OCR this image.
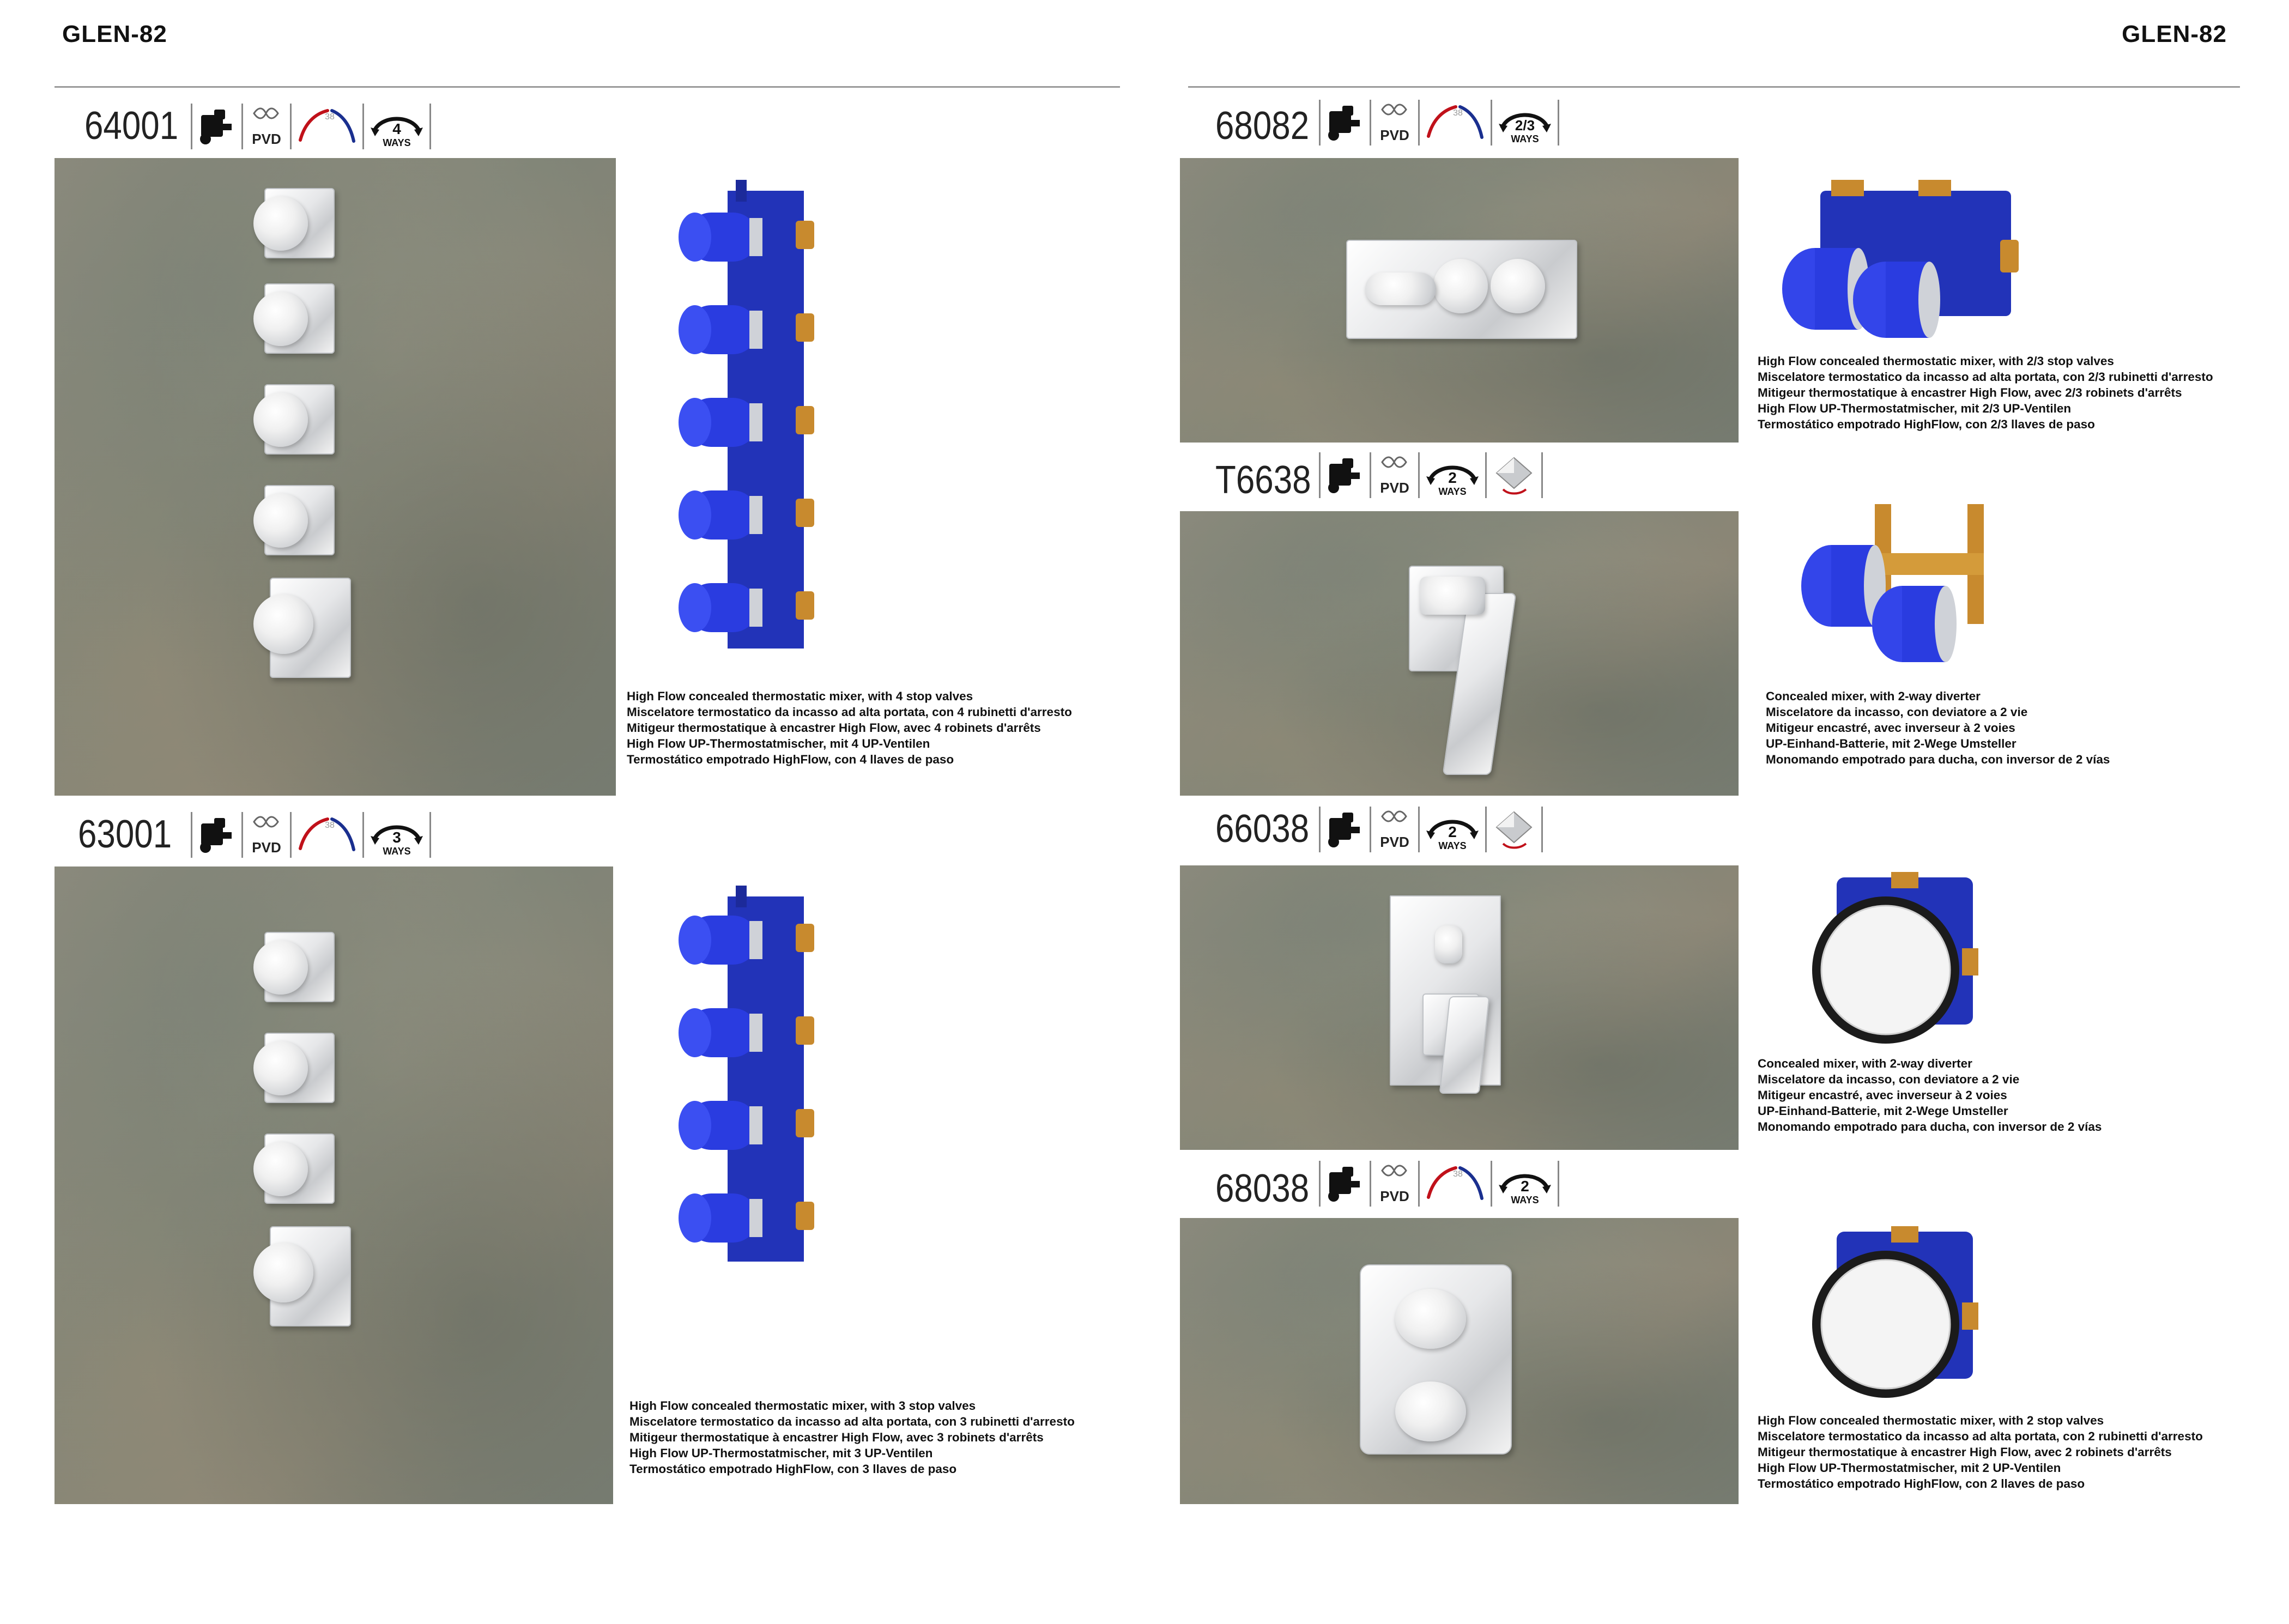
GLEN-82	GLEN-82
64001	PVD
38
4
WAYS
High Flow concealed thermostatic mixer, with 4 stop valves
Miscelatore termostatico da incasso ad alta portata, con 4 rubinetti d'arresto
Mitigeur thermostatique à encastrer High Flow, avec 4 robinets d'arrêts
High Flow UP-Thermostatmischer, mit 4 UP-Ventilen
Termostático empotrado HighFlow, con 4 llaves de paso
63001	PVD
38
3
WAYS
High Flow concealed thermostatic mixer, with 3 stop valves
Miscelatore termostatico da incasso ad alta portata, con 3 rubinetti d'arresto
Mitigeur thermostatique à encastrer High Flow, avec 3 robinets d'arrêts
High Flow UP-Thermostatmischer, mit 3 UP-Ventilen
Termostático empotrado HighFlow, con 3 llaves de paso
68082	PVD
38
2/3
WAYS
High Flow concealed thermostatic mixer, with 2/3 stop valves
Miscelatore termostatico da incasso ad alta portata, con 2/3 rubinetti d'arresto
Mitigeur thermostatique à encastrer High Flow, avec 2/3 robinets d'arrêts
High Flow UP-Thermostatmischer, mit 2/3 UP-Ventilen
Termostático empotrado HighFlow, con 2/3 llaves de paso
T6638	PVD
2
WAYS
Concealed mixer, with 2-way diverter
Miscelatore da incasso, con deviatore a 2 vie
Mitigeur encastré, avec inverseur à 2 voies
UP-Einhand-Batterie, mit 2-Wege Umsteller
Monomando empotrado para ducha, con inversor de 2 vías
66038	PVD
2
WAYS
Concealed mixer, with 2-way diverter
Miscelatore da incasso, con deviatore a 2 vie
Mitigeur encastré, avec inverseur à 2 voies
UP-Einhand-Batterie, mit 2-Wege Umsteller
Monomando empotrado para ducha, con inversor de 2 vías
68038	PVD
38
2
WAYS
High Flow concealed thermostatic mixer, with 2 stop valves
Miscelatore termostatico da incasso ad alta portata, con 2 rubinetti d'arresto
Mitigeur thermostatique à encastrer High Flow, avec 2 robinets d'arrêts
High Flow UP-Thermostatmischer, mit 2 UP-Ventilen
Termostático empotrado HighFlow, con 2 llaves de paso
